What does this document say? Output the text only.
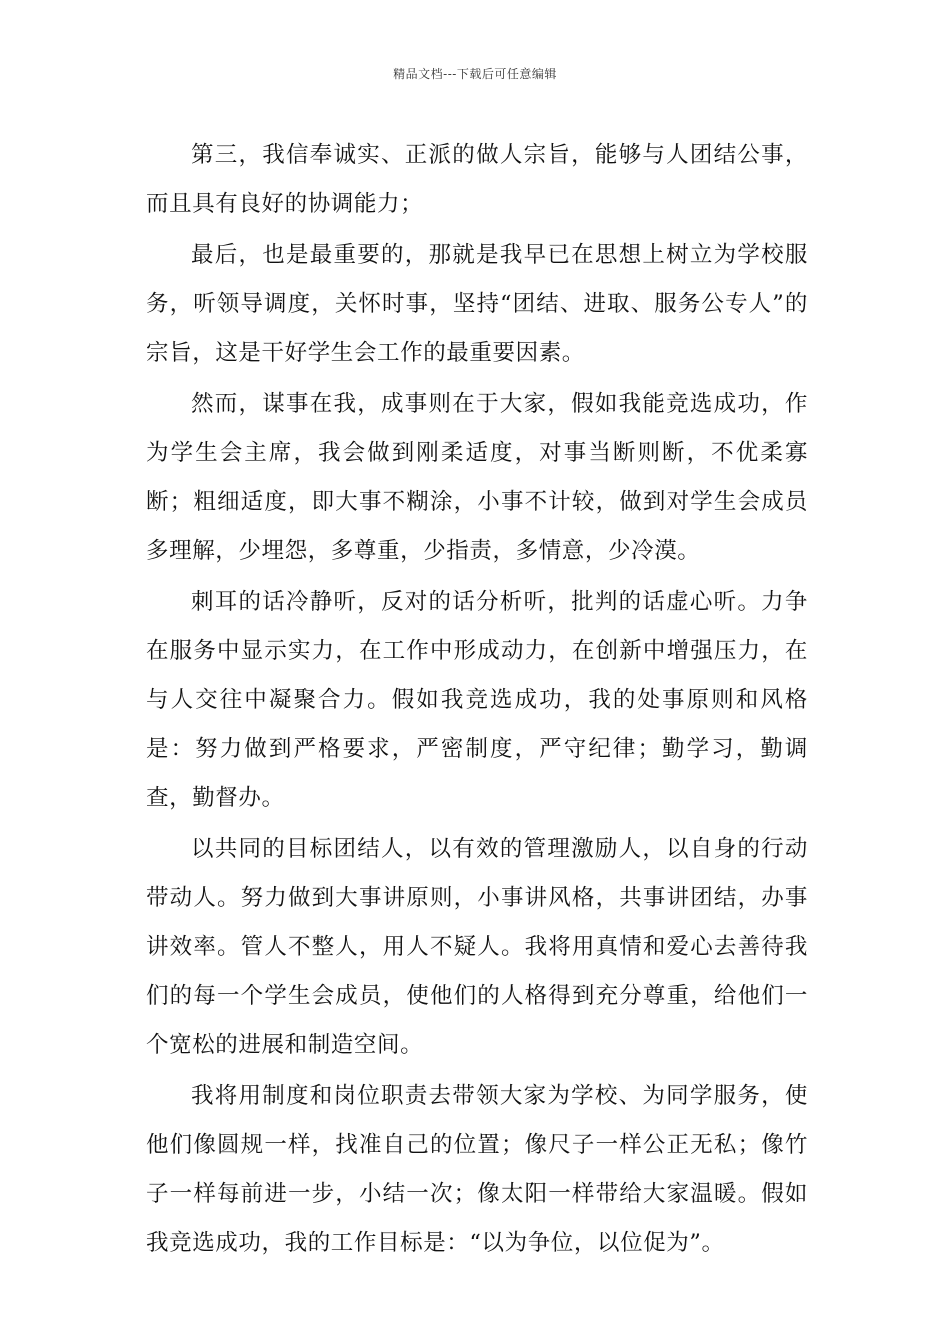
精品文档---下载后可任意编辑

第三，我信奉诚实、正派的做人宗旨，能够与人团结公事，而且具有良好的协调能力；

最后，也是最重要的，那就是我早已在思想上树立为学校服务，听领导调度，关怀时事，坚持“团结、进取、服务公专人”的宗旨，这是干好学生会工作的最重要因素。

然而，谋事在我，成事则在于大家，假如我能竞选成功，作为学生会主席，我会做到刚柔适度，对事当断则断，不优柔寡断；粗细适度，即大事不糊涂，小事不计较，做到对学生会成员多理解，少埋怨，多尊重，少指责，多情意，少冷漠。

刺耳的话冷静听，反对的话分析听，批判的话虚心听。力争在服务中显示实力，在工作中形成动力，在创新中增强压力，在与人交往中凝聚合力。假如我竞选成功，我的处事原则和风格是：努力做到严格要求，严密制度，严守纪律；勤学习，勤调查，勤督办。

以共同的目标团结人，以有效的管理激励人，以自身的行动带动人。努力做到大事讲原则，小事讲风格，共事讲团结，办事讲效率。管人不整人，用人不疑人。我将用真情和爱心去善待我们的每一个学生会成员，使他们的人格得到充分尊重，给他们一个宽松的进展和制造空间。

我将用制度和岗位职责去带领大家为学校、为同学服务，使他们像圆规一样，找准自己的位置；像尺子一样公正无私；像竹子一样每前进一步，小结一次；像太阳一样带给大家温暖。假如我竞选成功，我的工作目标是：“以为争位，以位促为”。
